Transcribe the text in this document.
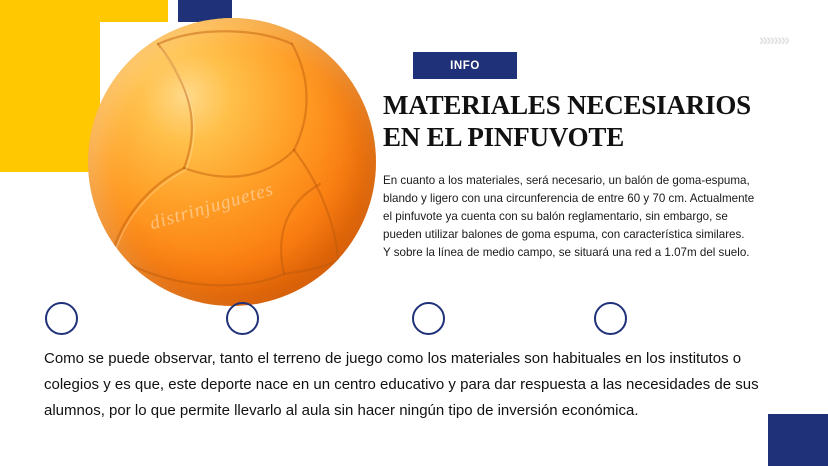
››››››››
distrinjuguetes
INFO
MATERIALES NECESIARIOS
EN EL PINFUVOTE
En cuanto a los materiales, será necesario, un balón de goma-espuma, blando y ligero con una circunferencia de entre 60 y 70 cm. Actualmente el pinfuvote ya cuenta con su balón reglamentario, sin embargo, se pueden utilizar balones de goma espuma, con característica similares. Y sobre la línea de medio campo, se situará una red a 1.07m del suelo.
Como se puede observar, tanto el terreno de juego como los materiales son habituales en los institutos o colegios y es que, este deporte nace en un centro educativo y para dar respuesta a las necesidades de sus alumnos, por lo que permite llevarlo al aula sin hacer ningún tipo de inversión económica.
